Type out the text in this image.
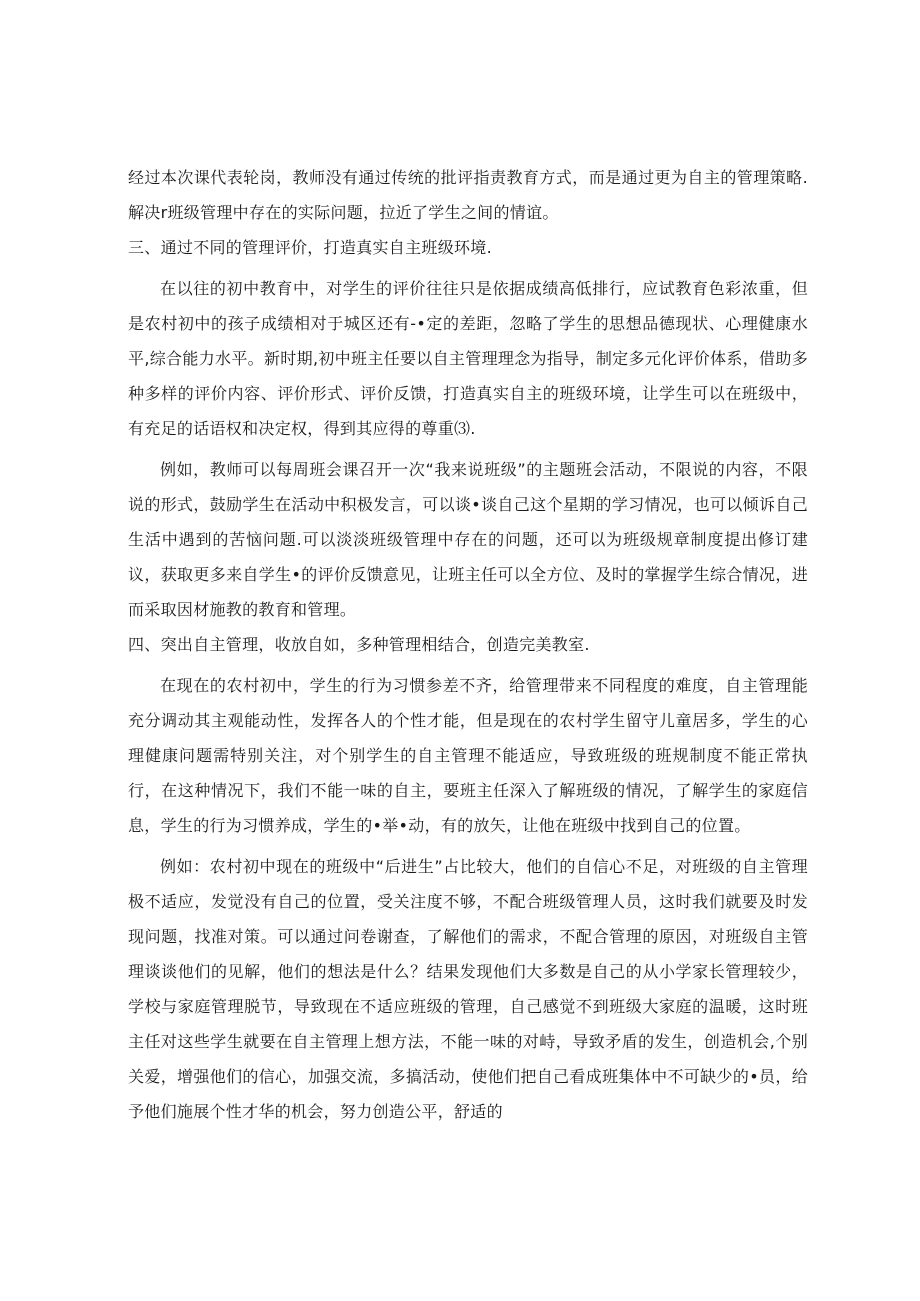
经过本次课代表轮岗，教师没有通过传统的批评指责教育方式，而是通过更为自主的管理策略.解决r班级管理中存在的实际问题，拉近了学生之间的情谊。

三、通过不同的管理评价，打造真实自主班级环境.

在以往的初中教育中，对学生的评价往往只是依据成绩高低排行，应试教育色彩浓重，但是农村初中的孩子成绩相对于城区还有-•定的差距，忽略了学生的思想品德现状、心理健康水平,综合能力水平。新时期,初中班主任要以自主管理理念为指导，制定多元化评价体系，借助多种多样的评价内容、评价形式、评价反馈，打造真实自主的班级环境，让学生可以在班级中，有充足的话语权和决定权，得到其应得的尊重⑶.

例如，教师可以每周班会课召开一次“我来说班级”的主题班会活动，不限说的内容，不限说的形式，鼓励学生在活动中积极发言，可以谈•谈自己这个星期的学习情况，也可以倾诉自己生活中遇到的苦恼问题.可以淡淡班级管理中存在的问题，还可以为班级规章制度提出修订建议，获取更多来自学生•的评价反馈意见，让班主任可以全方位、及时的掌握学生综合情况，进而采取因材施教的教育和管理。

四、突出自主管理，收放自如，多种管理相结合，创造完美教室.

在现在的农村初中，学生的行为习惯参差不齐，给管理带来不同程度的难度，自主管理能充分调动其主观能动性，发挥各人的个性才能，但是现在的农村学生留守儿童居多，学生的心理健康问题需特别关注，对个别学生的自主管理不能适应，导致班级的班规制度不能正常执行，在这种情况下，我们不能一味的自主，要班主任深入了解班级的情况，了解学生的家庭信息，学生的行为习惯养成，学生的•举•动，有的放矢，让他在班级中找到自己的位置。

例如：农村初中现在的班级中“后进生”占比较大，他们的自信心不足，对班级的自主管理极不适应，发觉没有自己的位置，受关注度不够，不配合班级管理人员，这时我们就要及时发现问题，找准对策。可以通过问卷谢查，了解他们的需求，不配合管理的原因，对班级自主管理谈谈他们的见解，他们的想法是什么？结果发现他们大多数是自己的从小学家长管理较少，学校与家庭管理脱节，导致现在不适应班级的管理，自己感觉不到班级大家庭的温暖，这时班主任对这些学生就要在自主管理上想方法，不能一味的对峙，导致矛盾的发生，创造机会,个别关爱，增强他们的信心，加强交流，多搞活动，使他们把自己看成班集体中不可缺少的•员，给予他们施展个性才华的机会，努力创造公平，舒适的
